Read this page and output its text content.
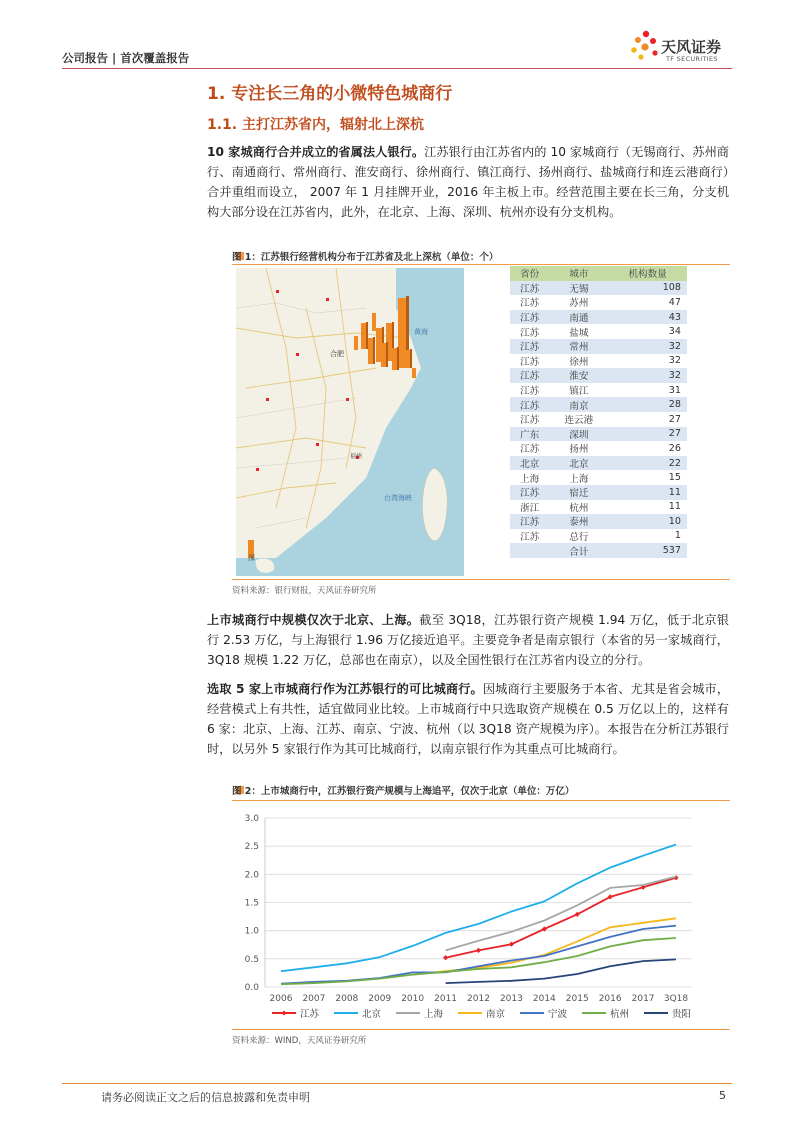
公司报告 | 首次覆盖报告
天风证券
TF SECURITIES
1. 专注长三角的小微特色城商行
1.1. 主打江苏省内，辐射北上深杭
10 家城商行合并成立的省属法人银行。江苏银行由江苏省内的 10 家城商行（无锡商行、苏州商行、南通商行、常州商行、淮安商行、徐州商行、镇江商行、扬州商行、盐城商行和连云港商行）合并重组而设立， 2007 年 1 月挂牌开业，2016 年主板上市。经营范围主要在长三角，分支机构大部分设在江苏省内，此外，在北京、上海、深圳、杭州亦设有分支机构。
图 1：江苏银行经营机构分布于江苏省及北上深杭（单位：个）
黄海
合肥
福州
台湾海峡
深
省份	城市	机构数量
江苏	无锡	108
江苏	苏州	47
江苏	南通	43
江苏	盐城	34
江苏	常州	32
江苏	徐州	32
江苏	淮安	32
江苏	镇江	31
江苏	南京	28
江苏	连云港	27
广东	深圳	27
江苏	扬州	26
北京	北京	22
上海	上海	15
江苏	宿迁	11
浙江	杭州	11
江苏	泰州	10
江苏	总行	1
	合计	537
资料来源：银行财报，天风证券研究所
上市城商行中规模仅次于北京、上海。截至 3Q18，江苏银行资产规模 1.94 万亿，低于北京银行 2.53 万亿，与上海银行 1.96 万亿接近追平。主要竞争者是南京银行（本省的另一家城商行，3Q18 规模 1.22 万亿，总部也在南京），以及全国性银行在江苏省内设立的分行。
选取 5 家上市城商行作为江苏银行的可比城商行。因城商行主要服务于本省、尤其是省会城市，经营模式上有共性，适宜做同业比较。上市城商行中只选取资产规模在 0.5 万亿以上的，这样有 6 家：北京、上海、江苏、南京、宁波、杭州（以 3Q18 资产规模为序）。本报告在分析江苏银行时，以另外 5 家银行作为其可比城商行，以南京银行作为其重点可比城商行。
图 2：上市城商行中，江苏银行资产规模与上海追平，仅次于北京（单位：万亿）
0.0
0.5
1.0
1.5
2.0
2.5
3.0
2006 2007 2008 2009 2010 2011 2012 2013 2014 2015 2016 2017 3Q18
江苏	北京	上海	南京	宁波	杭州	贵阳
资料来源：WIND，天风证券研究所
请务必阅读正文之后的信息披露和免责申明	5
